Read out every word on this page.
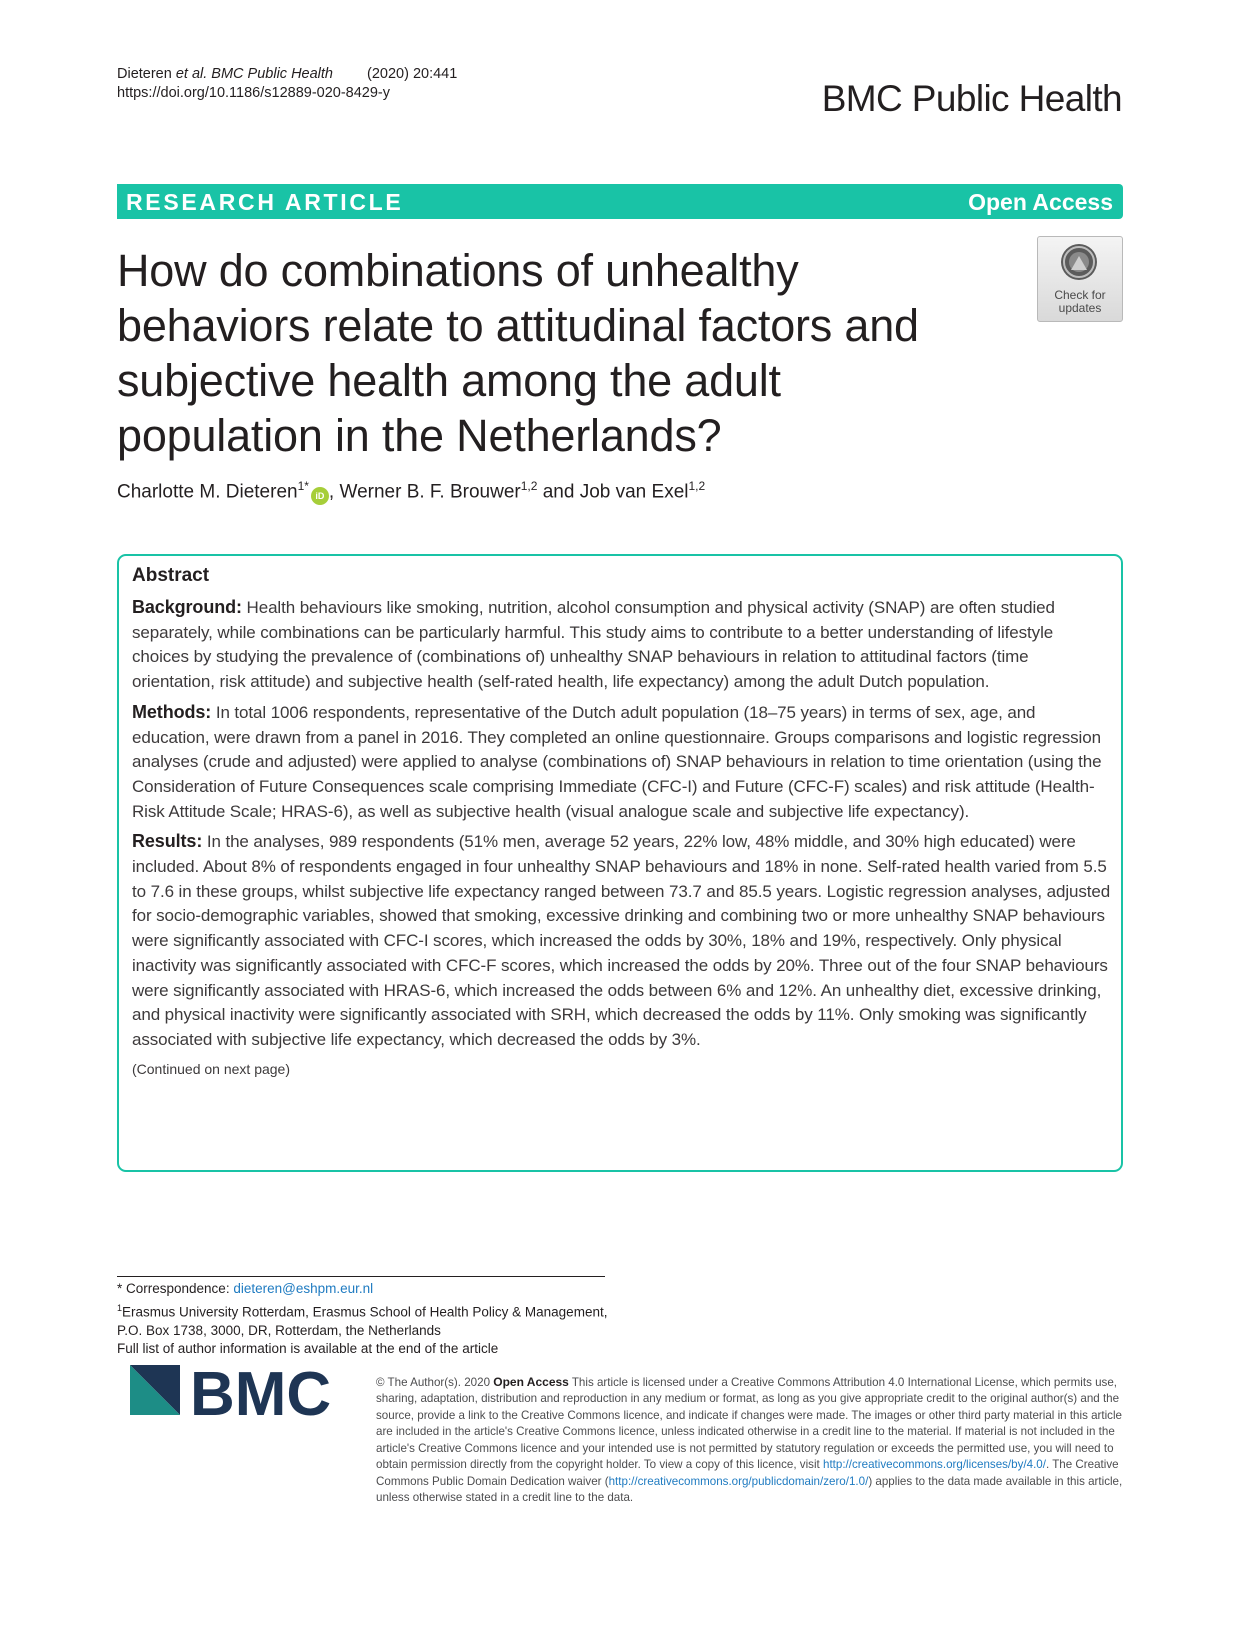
Dieteren et al. BMC Public Health (2020) 20:441
https://doi.org/10.1186/s12889-020-8429-y	BMC Public Health
RESEARCH ARTICLE	Open Access
How do combinations of unhealthy behaviors relate to attitudinal factors and subjective health among the adult population in the Netherlands?
Check for
updates
Charlotte M. Dieteren$^{1*}$iD , Werner B. F. Brouwer$^{1,2}$ and Job van Exel$^{1,2}$
Abstract

Background: Health behaviours like smoking, nutrition, alcohol consumption and physical activity (SNAP) are often studied separately, while combinations can be particularly harmful. This study aims to contribute to a better understanding of lifestyle choices by studying the prevalence of (combinations of) unhealthy SNAP behaviours in relation to attitudinal factors (time orientation, risk attitude) and subjective health (self-rated health, life expectancy) among the adult Dutch population.

Methods: In total 1006 respondents, representative of the Dutch adult population (18–75 years) in terms of sex, age, and education, were drawn from a panel in 2016. They completed an online questionnaire. Groups comparisons and logistic regression analyses (crude and adjusted) were applied to analyse (combinations of) SNAP behaviours in relation to time orientation (using the Consideration of Future Consequences scale comprising Immediate (CFC-I) and Future (CFC-F) scales) and risk attitude (Health-Risk Attitude Scale; HRAS-6), as well as subjective health (visual analogue scale and subjective life expectancy).

Results: In the analyses, 989 respondents (51% men, average 52 years, 22% low, 48% middle, and 30% high educated) were included. About 8% of respondents engaged in four unhealthy SNAP behaviours and 18% in none. Self-rated health varied from 5.5 to 7.6 in these groups, whilst subjective life expectancy ranged between 73.7 and 85.5 years. Logistic regression analyses, adjusted for socio-demographic variables, showed that smoking, excessive drinking and combining two or more unhealthy SNAP behaviours were significantly associated with CFC-I scores, which increased the odds by 30%, 18% and 19%, respectively. Only physical inactivity was significantly associated with CFC-F scores, which increased the odds by 20%. Three out of the four SNAP behaviours were significantly associated with HRAS-6, which increased the odds between 6% and 12%. An unhealthy diet, excessive drinking, and physical inactivity were significantly associated with SRH, which decreased the odds by 11%. Only smoking was significantly associated with subjective life expectancy, which decreased the odds by 3%.

(Continued on next page)
* Correspondence: dieteren@eshpm.eur.nl
$^1$Erasmus University Rotterdam, Erasmus School of Health Policy & Management, P.O. Box 1738, 3000, DR, Rotterdam, the Netherlands
Full list of author information is available at the end of the article
BMC	© The Author(s). 2020 Open Access This article is licensed under a Creative Commons Attribution 4.0 International License, which permits use, sharing, adaptation, distribution and reproduction in any medium or format, as long as you give appropriate credit to the original author(s) and the source, provide a link to the Creative Commons licence, and indicate if changes were made. The images or other third party material in this article are included in the article's Creative Commons licence, unless indicated otherwise in a credit line to the material. If material is not included in the article's Creative Commons licence and your intended use is not permitted by statutory regulation or exceeds the permitted use, you will need to obtain permission directly from the copyright holder. To view a copy of this licence, visit http://creativecommons.org/licenses/by/4.0/. The Creative Commons Public Domain Dedication waiver (http://creativecommons.org/publicdomain/zero/1.0/) applies to the data made available in this article, unless otherwise stated in a credit line to the data.
